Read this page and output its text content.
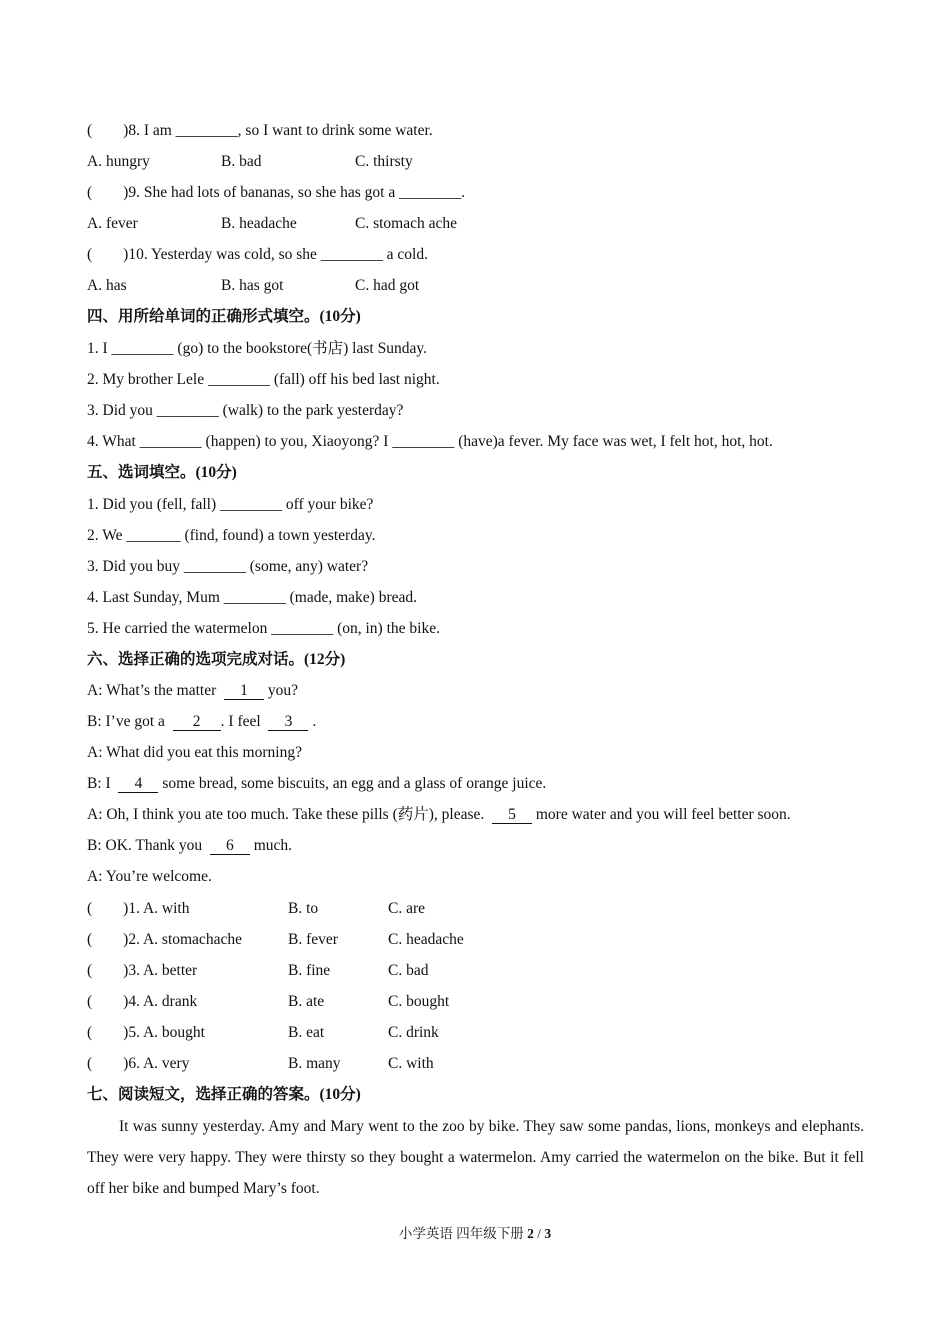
(        )8. I am ________, so I want to drink some water.
A. hungry	B. bad	C. thirsty
(        )9. She had lots of bananas, so she has got a ________.
A. fever	B. headache	C. stomach ache
(        )10. Yesterday was cold, so she ________ a cold.
A. has	B. has got	C. had got
四、用所给单词的正确形式填空。(10分)
1. I ________ (go) to the bookstore(书店) last Sunday.
2. My brother Lele ________ (fall) off his bed last night.
3. Did you ________ (walk) to the park yesterday?
4. What ________ (happen) to you, Xiaoyong? I ________ (have)a fever. My face was wet, I felt hot, hot, hot.
五、选词填空。(10分)
1. Did you (fell, fall) ________ off your bike?
2. We _______ (find, found) a town yesterday.
3. Did you buy ________ (some, any) water?
4. Last Sunday, Mum ________ (made, make) bread.
5. He carried the watermelon ________ (on, in) the bike.
六、选择正确的选项完成对话。(12分)
A: What’s the matter  1 you?
B: I’ve got a  2 . I feel  3 .
A: What did you eat this morning?
B: I  4 some bread, some biscuits, an egg and a glass of orange juice.
A: Oh, I think you ate too much. Take these pills (药片), please.  5 more water and you will feel better soon.
B: OK. Thank you  6 much.
A: You’re welcome.
(        )1. A. with	B. to	C. are
(        )2. A. stomachache	B. fever	C. headache
(        )3. A. better	B. fine	C. bad
(        )4. A. drank	B. ate	C. bought
(        )5. A. bought	B. eat	C. drink
(        )6. A. very	B. many	C. with
七、阅读短文，选择正确的答案。(10分)
It was sunny yesterday. Amy and Mary went to the zoo by bike. They saw some pandas, lions, monkeys and elephants. They were very happy. They were thirsty so they bought a watermelon. Amy carried the watermelon on the bike. But it fell off her bike and bumped Mary’s foot.
小学英语 四年级下册 2 / 3
